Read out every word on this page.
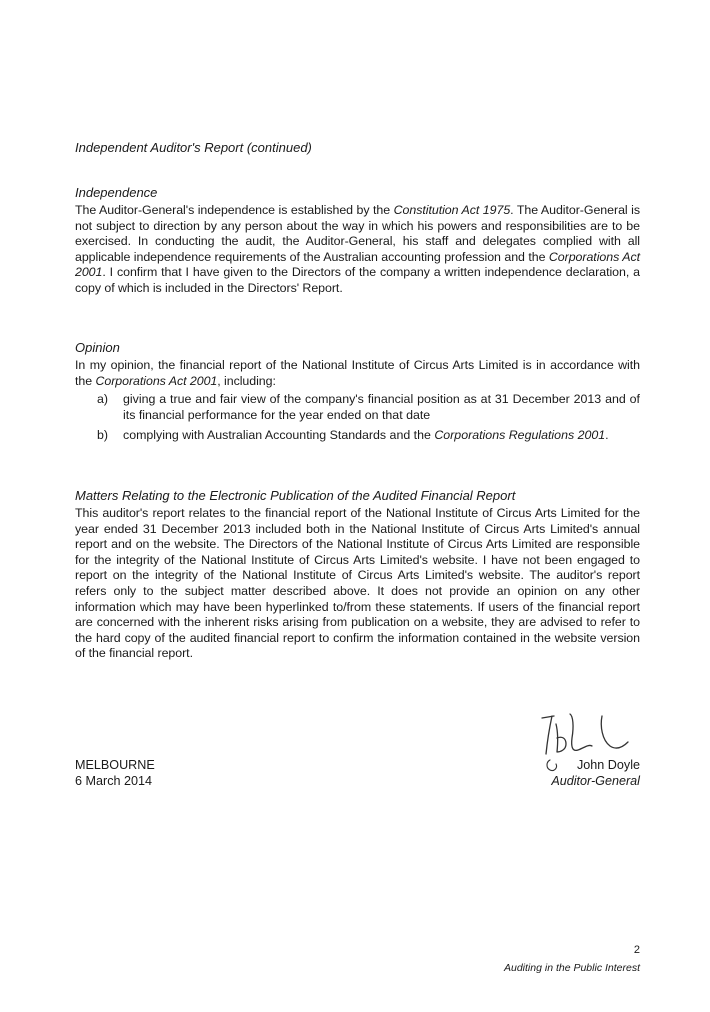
Independent Auditor's Report (continued)
Independence

The Auditor-General's independence is established by the Constitution Act 1975. The Auditor-General is not subject to direction by any person about the way in which his powers and responsibilities are to be exercised. In conducting the audit, the Auditor-General, his staff and delegates complied with all applicable independence requirements of the Australian accounting profession and the Corporations Act 2001. I confirm that I have given to the Directors of the company a written independence declaration, a copy of which is included in the Directors' Report.

Opinion

In my opinion, the financial report of the National Institute of Circus Arts Limited is in accordance with the Corporations Act 2001, including:

a) giving a true and fair view of the company's financial position as at 31 December 2013 and of its financial performance for the year ended on that date
b) complying with Australian Accounting Standards and the Corporations Regulations 2001.
Matters Relating to the Electronic Publication of the Audited Financial Report

This auditor's report relates to the financial report of the National Institute of Circus Arts Limited for the year ended 31 December 2013 included both in the National Institute of Circus Arts Limited's annual report and on the website. The Directors of the National Institute of Circus Arts Limited are responsible for the integrity of the National Institute of Circus Arts Limited's website. I have not been engaged to report on the integrity of the National Institute of Circus Arts Limited's website. The auditor's report refers only to the subject matter described above. It does not provide an opinion on any other information which may have been hyperlinked to/from these statements. If users of the financial report are concerned with the inherent risks arising from publication on a website, they are advised to refer to the hard copy of the audited financial report to confirm the information contained in the website version of the financial report.

MELBOURNE
6 March 2014
John Doyle
Auditor-General
2
Auditing in the Public Interest
